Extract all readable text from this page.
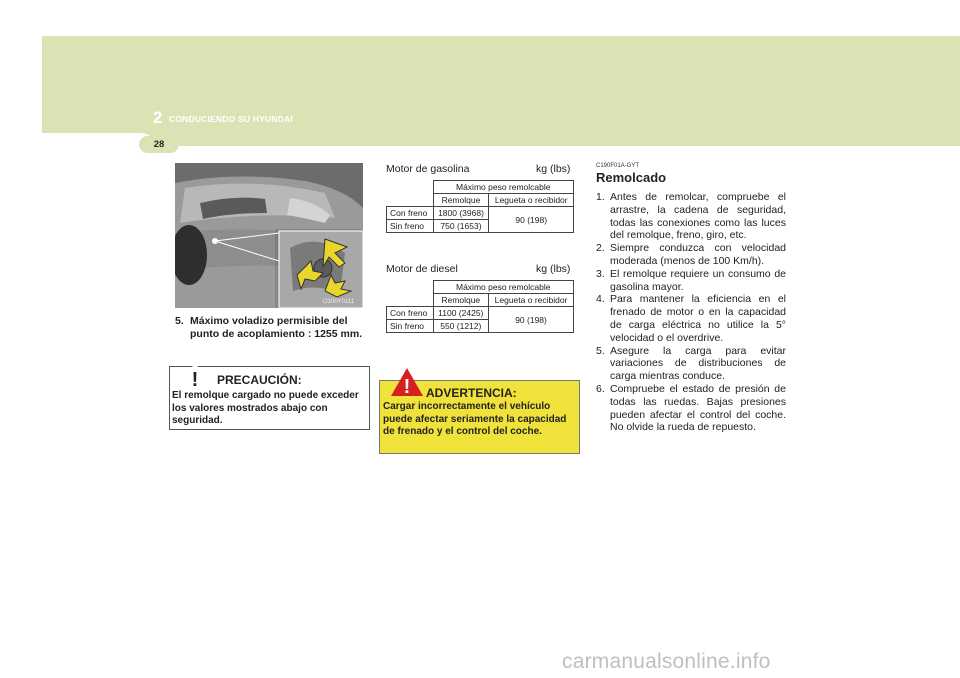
2 CONDUCIENDO SU HYUNDAI
28
O100Y0111
5. Máximo voladizo permisible del punto de acoplamiento : 1255 mm.
! PRECAUCIÓN:
El remolque cargado no puede exceder los valores mostrados abajo con seguridad.
Motor de gasolina	kg (lbs)
	Máximo peso remolcable	
	Remolque	Legueta o recibidor
Con freno	1800 (3968)	90 (198)
Sin freno	750 (1653)	
Motor de diesel	kg (lbs)
	Máximo peso remolcable	
	Remolque	Legueta o recibidor
Con freno	1100 (2425)	90 (198)
Sin freno	550 (1212)	
! ADVERTENCIA:
Cargar incorrectamente el vehículo puede afectar seriamente la capacidad de frenado y el control del coche.
C190F01A-GYT
Remolcado
1. Antes de remolcar, compruebe el arrastre, la cadena de seguridad, todas las conexiones como las luces del remolque, freno, giro, etc.
2. Siempre conduzca con velocidad moderada (menos de 100 Km/h).
3. El remolque requiere un consumo de gasolina mayor.
4. Para mantener la eficiencia en el frenado de motor o en la capacidad de carga eléctrica no utilice la 5° velocidad o el overdrive.
5. Asegure la carga para evitar variaciones de distribuciones de carga mientras conduce.
6. Compruebe el estado de presión de todas las ruedas. Bajas presiones pueden afectar el control del coche. No olvide la rueda de repuesto.
carmanualsonline.info
